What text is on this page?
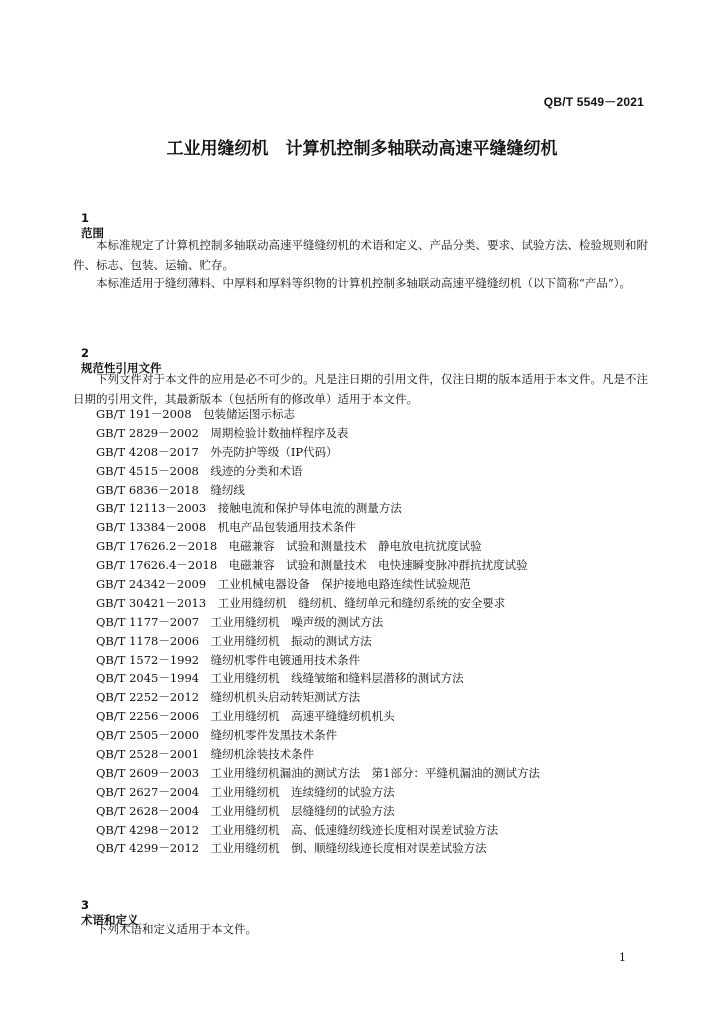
QB/T 5549－2021
工业用缝纫机　计算机控制多轴联动高速平缝缝纫机

1
范围

本标准规定了计算机控制多轴联动高速平缝缝纫机的术语和定义、产品分类、要求、试验方法、检验规则和附件、标志、包装、运输、贮存。

本标准适用于缝纫薄料、中厚料和厚料等织物的计算机控制多轴联动高速平缝缝纫机（以下简称“产品”）。

2
规范性引用文件

下列文件对于本文件的应用是必不可少的。凡是注日期的引用文件，仅注日期的版本适用于本文件。凡是不注日期的引用文件，其最新版本（包括所有的修改单）适用于本文件。

GB/T 191－2008　 包装储运图示标志
GB/T 2829－2002　 周期检验计数抽样程序及表
GB/T 4208－2017　 外壳防护等级（IP代码）
GB/T 4515－2008　 线迹的分类和术语
GB/T 6836－2018　 缝纫线
GB/T 12113－2003　 接触电流和保护导体电流的测量方法
GB/T 13384－2008　 机电产品包装通用技术条件
GB/T 17626.2－2018　 电磁兼容　试验和测量技术　静电放电抗扰度试验
GB/T 17626.4－2018　 电磁兼容　试验和测量技术　电快速瞬变脉冲群抗扰度试验
GB/T 24342－2009　 工业机械电器设备　保护接地电路连续性试验规范
GB/T 30421－2013　 工业用缝纫机　缝纫机、缝纫单元和缝纫系统的安全要求
QB/T 1177－2007　 工业用缝纫机　噪声级的测试方法
QB/T 1178－2006　 工业用缝纫机　振动的测试方法
QB/T 1572－1992　 缝纫机零件电镀通用技术条件
QB/T 2045－1994　 工业用缝纫机　线缝皱缩和缝料层潜移的测试方法
QB/T 2252－2012　 缝纫机机头启动转矩测试方法
QB/T 2256－2006　 工业用缝纫机　高速平缝缝纫机机头
QB/T 2505－2000　 缝纫机零件发黑技术条件
QB/T 2528－2001　 缝纫机涂装技术条件
QB/T 2609－2003　 工业用缝纫机漏油的测试方法　第1部分：平缝机漏油的测试方法
QB/T 2627－2004　 工业用缝纫机　连续缝纫的试验方法
QB/T 2628－2004　 工业用缝纫机　层缝缝纫的试验方法
QB/T 4298－2012　 工业用缝纫机　高、低速缝纫线迹长度相对误差试验方法
QB/T 4299－2012　 工业用缝纫机　倒、顺缝纫线迹长度相对误差试验方法

3
术语和定义

下列术语和定义适用于本文件。

1
